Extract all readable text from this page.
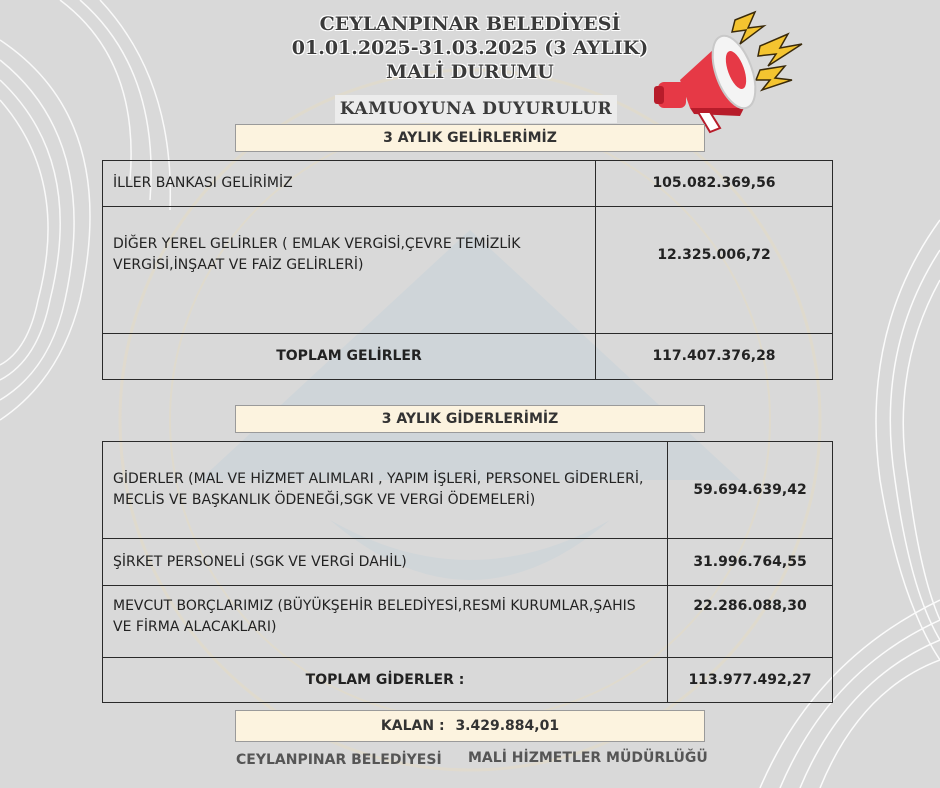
CEYLANPINAR BELEDİYESİ
01.01.2025-31.03.2025 (3 AYLIK)
MALİ DURUMU
KAMUOYUNA DUYURULUR
3 AYLIK GELİRLERİMİZ
İLLER BANKASI GELİRİMİZ	105.082.369,56
DİĞER YEREL GELİRLER ( EMLAK VERGİSİ,ÇEVRE TEMİZLİK VERGİSİ,İNŞAAT VE FAİZ GELİRLERİ)	12.325.006,72
TOPLAM GELİRLER	117.407.376,28
3 AYLIK GİDERLERİMİZ
GİDERLER (MAL VE HİZMET ALIMLARI , YAPIM İŞLERİ, PERSONEL GİDERLERİ, MECLİS VE BAŞKANLIK ÖDENEĞİ,SGK VE VERGİ ÖDEMELERİ)	59.694.639,42
ŞİRKET PERSONELİ (SGK VE VERGİ DAHİL)	31.996.764,55
MEVCUT BORÇLARIMIZ (BÜYÜKŞEHİR BELEDİYESİ,RESMİ KURUMLAR,ŞAHIS VE FİRMA ALACAKLARI)	22.286.088,30
TOPLAM GİDERLER :	113.977.492,27
KALAN : 3.429.884,01
CEYLANPINAR BELEDİYESİ MALİ HİZMETLER MÜDÜRLÜĞÜ
